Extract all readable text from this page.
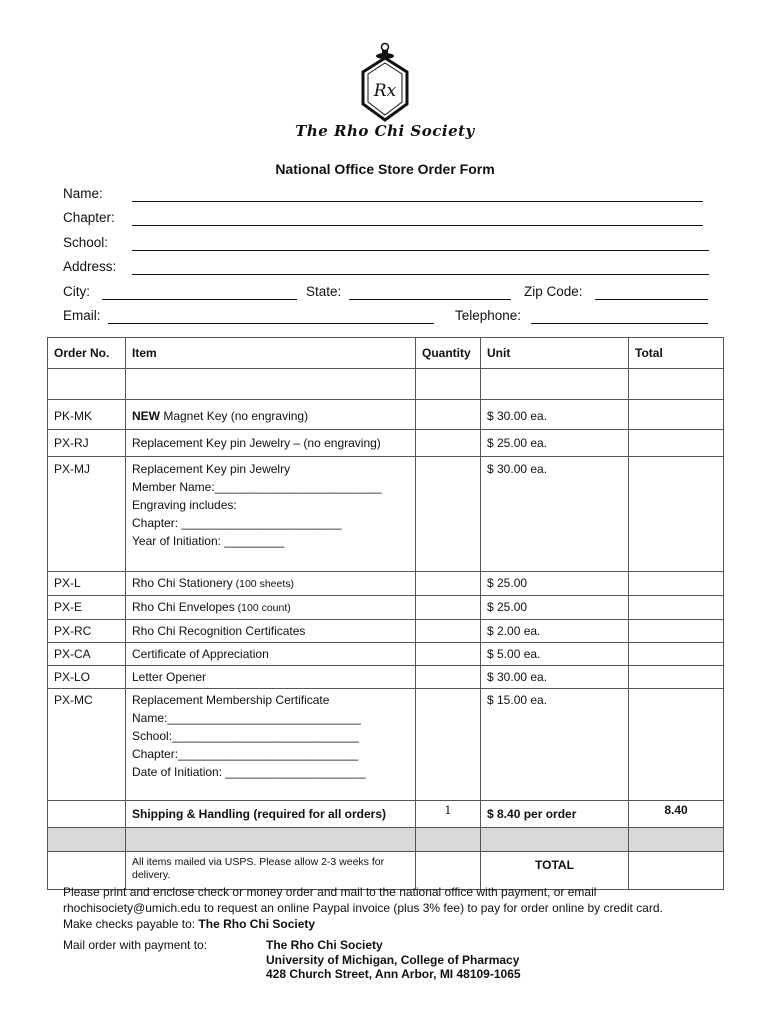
Rx
The Rho Chi Society
National Office Store Order Form
Name:
Chapter:
School:
Address:
City:	State:	Zip Code:
Email:	Telephone:
Order No.	Item	Quantity	Unit	Total

PK-MK	NEW Magnet Key (no engraving)		$ 30.00 ea.	
PX-RJ	Replacement Key pin Jewelry – (no engraving)		$ 25.00 ea.	
PX-MJ	Replacement Key pin Jewelry
Member Name:_________________________
Engraving includes:
Chapter: ________________________
Year of Initiation: _________		$ 30.00 ea.	
PX-L	Rho Chi Stationery (100 sheets)		$ 25.00	
PX-E	Rho Chi Envelopes (100 count)		$ 25.00	
PX-RC	Rho Chi Recognition Certificates		$ 2.00 ea.	
PX-CA	Certificate of Appreciation		$ 5.00 ea.	
PX-LO	Letter Opener		$ 30.00 ea.	
PX-MC	Replacement Membership Certificate
Name:_____________________________
School:____________________________
Chapter:___________________________
Date of Initiation: _____________________		$ 15.00 ea.	
	Shipping & Handling (required for all orders)	1	$ 8.40 per order	8.40

	All items mailed via USPS. Please allow 2-3 weeks for delivery.		TOTAL	
Please print and enclose check or money order and mail to the national office with payment, or email
rhochisociety@umich.edu to request an online Paypal invoice (plus 3% fee) to pay for order online by credit card.
Make checks payable to: The Rho Chi Society
Mail order with payment to:	The Rho Chi Society
University of Michigan, College of Pharmacy
428 Church Street, Ann Arbor, MI 48109-1065
